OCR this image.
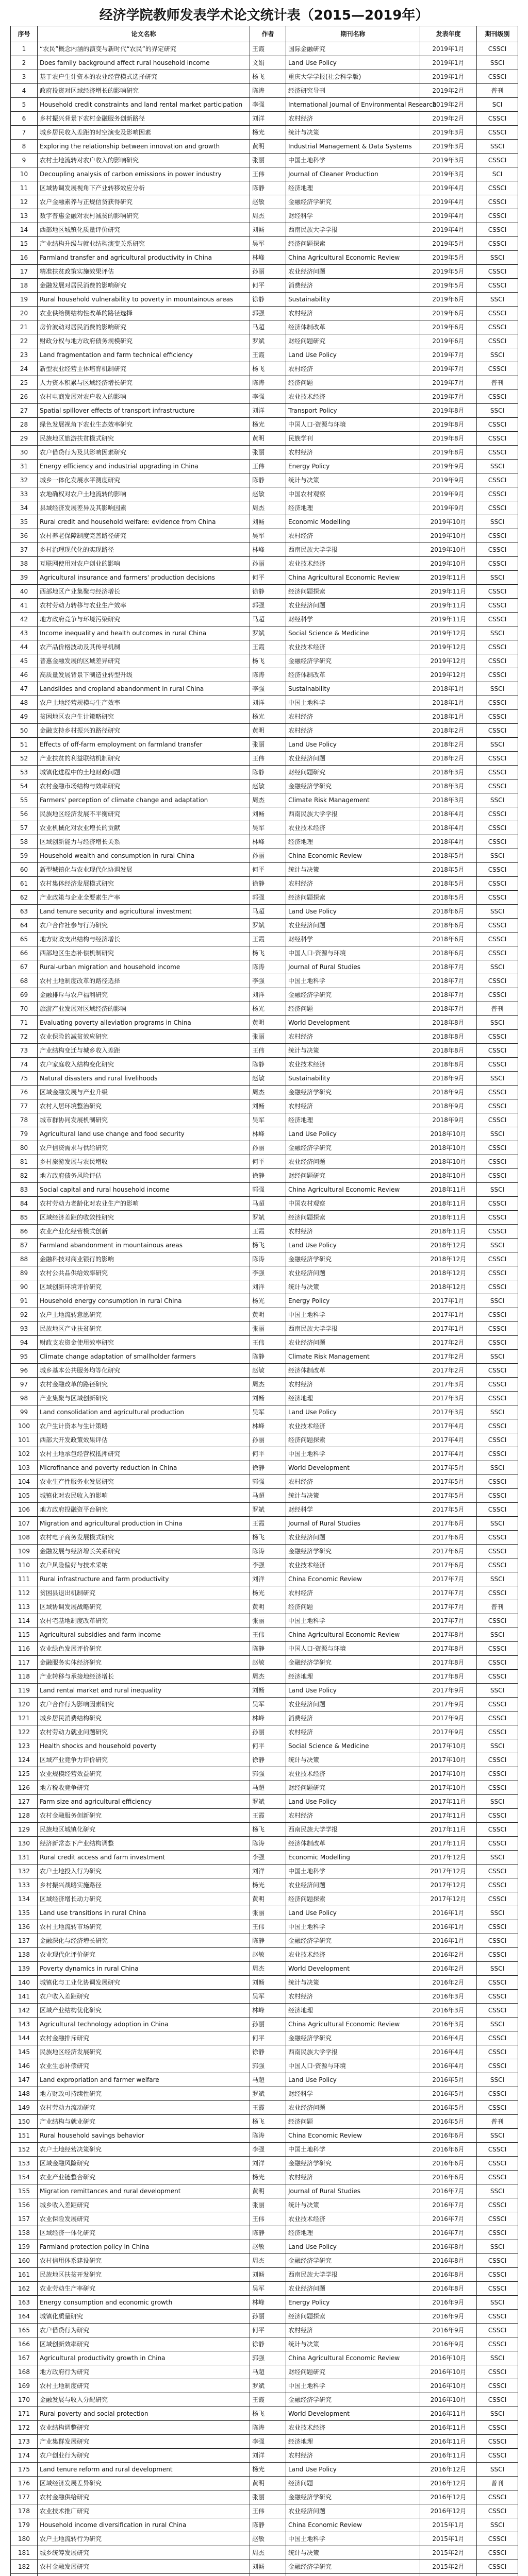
经济学院教师发表学术论文统计表（2015—2019年）
序号	论文名称	作者	期刊名称	发表年度	期刊级别
1	“农民”概念内涵的演变与新时代“农民”的界定研究	王霞	国际金融研究	2019年1月	CSSCI
2	Does family background affect rural household income	文娟	Land Use Policy	2019年1月	SSCI
3	基于农户生计资本的农业经营模式选择研究	杨飞	重庆大学学报(社会科学版)	2019年1月	CSSCI
4	政府投资对区域经济增长的影响研究	陈涛	经济研究导刊	2019年2月	普刊
5	Household credit constraints and land rental market participation	李强	International Journal of Environmental Research	2019年2月	SCI
6	乡村振兴背景下农村金融服务创新路径	刘洋	农村经济	2019年2月	CSSCI
7	城乡居民收入差距的时空演变及影响因素	杨光	统计与决策	2019年3月	CSSCI
8	Exploring the relationship between innovation and growth	黄明	Industrial Management & Data Systems	2019年3月	SSCI
9	农村土地流转对农户收入的影响研究	张丽	中国土地科学	2019年3月	CSSCI
10	Decoupling analysis of carbon emissions in power industry	王伟	Journal of Cleaner Production	2019年3月	SCI
11	区域协调发展视角下产业转移效应分析	陈静	经济地理	2019年4月	CSSCI
12	农户金融素养与正规信贷获得研究	赵敏	金融经济学研究	2019年4月	CSSCI
13	数字普惠金融对农村减贫的影响研究	周杰	财经科学	2019年4月	CSSCI
14	西部地区城镇化质量评价研究	刘畅	西南民族大学学报	2019年4月	CSSCI
15	产业结构升级与就业结构演变关系研究	吴军	经济问题探索	2019年5月	CSSCI
16	Farmland transfer and agricultural productivity in China	林峰	China Agricultural Economic Review	2019年5月	SSCI
17	精准扶贫政策实施效果评估	孙丽	农业经济问题	2019年5月	CSSCI
18	金融发展对居民消费的影响研究	何平	消费经济	2019年5月	CSSCI
19	Rural household vulnerability to poverty in mountainous areas	徐静	Sustainability	2019年6月	SSCI
20	农业供给侧结构性改革的路径选择	郭强	农村经济	2019年6月	CSSCI
21	房价波动对居民消费的影响研究	马超	经济体制改革	2019年6月	CSSCI
22	财政分权与地方政府债务规模研究	罗斌	财经问题研究	2019年6月	CSSCI
23	Land fragmentation and farm technical efficiency	王霞	Land Use Policy	2019年7月	SSCI
24	新型农业经营主体培育机制研究	杨飞	农村经济	2019年7月	CSSCI
25	人力资本积累与区域经济增长研究	陈涛	经济问题	2019年7月	普刊
26	农村电商发展对农户收入的影响	李强	农业技术经济	2019年7月	CSSCI
27	Spatial spillover effects of transport infrastructure	刘洋	Transport Policy	2019年8月	SSCI
28	绿色发展视角下农业生态效率研究	杨光	中国人口·资源与环境	2019年8月	CSSCI
29	民族地区旅游扶贫模式研究	黄明	民族学刊	2019年8月	CSSCI
30	农户借贷行为及其影响因素研究	张丽	农村经济	2019年8月	CSSCI
31	Energy efficiency and industrial upgrading in China	王伟	Energy Policy	2019年9月	SSCI
32	城乡一体化发展水平测度研究	陈静	统计与决策	2019年9月	CSSCI
33	农地确权对农户土地流转的影响	赵敏	中国农村观察	2019年9月	CSSCI
34	县域经济发展差异及其影响因素	周杰	经济地理	2019年9月	CSSCI
35	Rural credit and household welfare: evidence from China	刘畅	Economic Modelling	2019年10月	SSCI
36	农村养老保障制度完善路径研究	吴军	农村经济	2019年10月	CSSCI
37	乡村治理现代化的实现路径	林峰	西南民族大学学报	2019年10月	CSSCI
38	互联网使用对农户创业的影响	孙丽	农业技术经济	2019年10月	CSSCI
39	Agricultural insurance and farmers' production decisions	何平	China Agricultural Economic Review	2019年11月	SSCI
40	西部地区产业集聚与经济增长	徐静	经济问题探索	2019年11月	CSSCI
41	农村劳动力转移与农业生产效率	郭强	农业经济问题	2019年11月	CSSCI
42	地方政府竞争与环境污染研究	马超	财经科学	2019年11月	CSSCI
43	Income inequality and health outcomes in rural China	罗斌	Social Science & Medicine	2019年12月	SSCI
44	农产品价格波动及其传导机制	王霞	农业技术经济	2019年12月	CSSCI
45	普惠金融发展的区域差异研究	杨飞	金融经济学研究	2019年12月	CSSCI
46	高质量发展背景下制造业转型升级	陈涛	经济体制改革	2019年12月	CSSCI
47	Landslides and cropland abandonment in rural China	李强	Sustainability	2018年1月	SSCI
48	农户土地经营规模与生产效率	刘洋	中国土地科学	2018年1月	CSSCI
49	贫困地区农户生计策略研究	杨光	农村经济	2018年1月	CSSCI
50	金融支持乡村振兴的路径研究	黄明	农村经济	2018年2月	CSSCI
51	Effects of off-farm employment on farmland transfer	张丽	Land Use Policy	2018年2月	SSCI
52	产业扶贫的利益联结机制研究	王伟	农业经济问题	2018年2月	CSSCI
53	城镇化进程中的土地财政问题	陈静	财经问题研究	2018年3月	CSSCI
54	农村金融市场结构与效率研究	赵敏	金融经济学研究	2018年3月	CSSCI
55	Farmers' perception of climate change and adaptation	周杰	Climate Risk Management	2018年3月	SSCI
56	民族地区经济发展不平衡研究	刘畅	西南民族大学学报	2018年4月	CSSCI
57	农业机械化对农业增长的贡献	吴军	农业技术经济	2018年4月	CSSCI
58	区域创新能力与经济增长关系	林峰	经济地理	2018年4月	CSSCI
59	Household wealth and consumption in rural China	孙丽	China Economic Review	2018年5月	SSCI
60	新型城镇化与农业现代化协调发展	何平	统计与决策	2018年5月	CSSCI
61	农村集体经济发展模式研究	徐静	农村经济	2018年5月	CSSCI
62	产业政策与企业全要素生产率	郭强	经济问题探索	2018年5月	CSSCI
63	Land tenure security and agricultural investment	马超	Land Use Policy	2018年6月	SSCI
64	农户合作社参与行为研究	罗斌	农业经济问题	2018年6月	CSSCI
65	地方财政支出结构与经济增长	王霞	财经科学	2018年6月	CSSCI
66	西部地区生态补偿机制研究	杨飞	中国人口·资源与环境	2018年6月	CSSCI
67	Rural-urban migration and household income	陈涛	Journal of Rural Studies	2018年7月	SSCI
68	农村土地制度改革的路径选择	李强	中国土地科学	2018年7月	CSSCI
69	金融排斥与农户福利研究	刘洋	金融经济学研究	2018年7月	CSSCI
70	旅游产业发展对区域经济的影响	杨光	经济问题	2018年7月	普刊
71	Evaluating poverty alleviation programs in China	黄明	World Development	2018年8月	SSCI
72	农业保险的减贫效应研究	张丽	农村经济	2018年8月	CSSCI
73	产业结构变迁与城乡收入差距	王伟	统计与决策	2018年8月	CSSCI
74	农户家庭收入结构变化研究	陈静	农业技术经济	2018年8月	CSSCI
75	Natural disasters and rural livelihoods	赵敏	Sustainability	2018年9月	SSCI
76	区域金融发展与产业升级	周杰	金融经济学研究	2018年9月	CSSCI
77	农村人居环境整治研究	刘畅	农村经济	2018年9月	CSSCI
78	城市群协同发展机制研究	吴军	经济地理	2018年9月	CSSCI
79	Agricultural land use change and food security	林峰	Land Use Policy	2018年10月	SSCI
80	农户信贷需求与供给研究	孙丽	金融经济学研究	2018年10月	CSSCI
81	乡村旅游发展与农民增收	何平	农业经济问题	2018年10月	CSSCI
82	地方政府债务风险评估	徐静	财经问题研究	2018年10月	CSSCI
83	Social capital and rural household income	郭强	China Agricultural Economic Review	2018年11月	SSCI
84	农村劳动力老龄化对农业生产的影响	马超	中国农村观察	2018年11月	CSSCI
85	区域经济差距的收敛性研究	罗斌	经济问题探索	2018年11月	CSSCI
86	农业产业化经营模式创新	王霞	农村经济	2018年11月	CSSCI
87	Farmland abandonment in mountainous areas	杨飞	Land Use Policy	2018年12月	SSCI
88	金融科技对商业银行的影响	陈涛	金融经济学研究	2018年12月	CSSCI
89	农村公共品供给效率研究	李强	农业经济问题	2018年12月	CSSCI
90	区域创新环境评价研究	刘洋	统计与决策	2018年12月	CSSCI
91	Household energy consumption in rural China	杨光	Energy Policy	2017年1月	SSCI
92	农户土地流转意愿研究	黄明	中国土地科学	2017年1月	CSSCI
93	民族地区产业扶贫研究	张丽	西南民族大学学报	2017年1月	CSSCI
94	财政支农资金使用效率研究	王伟	农业经济问题	2017年2月	CSSCI
95	Climate change adaptation of smallholder farmers	陈静	Climate Risk Management	2017年2月	SSCI
96	城乡基本公共服务均等化研究	赵敏	经济体制改革	2017年2月	CSSCI
97	农村金融改革的路径研究	周杰	农村经济	2017年3月	CSSCI
98	产业集聚与区域创新研究	刘畅	经济地理	2017年3月	CSSCI
99	Land consolidation and agricultural production	吴军	Land Use Policy	2017年3月	SSCI
100	农户生计资本与生计策略	林峰	农业技术经济	2017年4月	CSSCI
101	西部大开发政策效果评估	孙丽	经济问题探索	2017年4月	CSSCI
102	农村土地承包经营权抵押研究	何平	中国土地科学	2017年4月	CSSCI
103	Microfinance and poverty reduction in China	徐静	World Development	2017年5月	SSCI
104	农业生产性服务业发展研究	郭强	农村经济	2017年5月	CSSCI
105	城镇化对农民收入的影响	马超	统计与决策	2017年5月	CSSCI
106	地方政府投融资平台研究	罗斌	财经科学	2017年5月	CSSCI
107	Migration and agricultural production in China	王霞	Journal of Rural Studies	2017年6月	SSCI
108	农村电子商务发展模式研究	杨飞	农业经济问题	2017年6月	CSSCI
109	金融发展与经济增长关系研究	陈涛	金融经济学研究	2017年6月	CSSCI
110	农户风险偏好与技术采纳	李强	农业技术经济	2017年6月	CSSCI
111	Rural infrastructure and farm productivity	刘洋	China Economic Review	2017年7月	SSCI
112	贫困县退出机制研究	杨光	农村经济	2017年7月	CSSCI
113	区域协调发展战略研究	黄明	经济问题	2017年7月	普刊
114	农村宅基地制度改革研究	张丽	中国土地科学	2017年7月	CSSCI
115	Agricultural subsidies and farm income	王伟	China Agricultural Economic Review	2017年8月	SSCI
116	农业绿色发展评价研究	陈静	中国人口·资源与环境	2017年8月	CSSCI
117	金融服务实体经济研究	赵敏	金融经济学研究	2017年8月	CSSCI
118	产业转移与承接地经济增长	周杰	经济地理	2017年8月	CSSCI
119	Land rental market and rural inequality	刘畅	Land Use Policy	2017年9月	SSCI
120	农户合作行为影响因素研究	吴军	农业经济问题	2017年9月	CSSCI
121	城乡居民消费结构研究	林峰	消费经济	2017年9月	CSSCI
122	农村劳动力就业问题研究	孙丽	农村经济	2017年9月	CSSCI
123	Health shocks and household poverty	何平	Social Science & Medicine	2017年10月	SSCI
124	区域产业竞争力评价研究	徐静	统计与决策	2017年10月	CSSCI
125	农业规模经营效益研究	郭强	农业技术经济	2017年10月	CSSCI
126	地方税收竞争研究	马超	财经问题研究	2017年10月	CSSCI
127	Farm size and agricultural efficiency	罗斌	Land Use Policy	2017年11月	SSCI
128	农村金融服务创新研究	王霞	农村经济	2017年11月	CSSCI
129	民族地区城镇化研究	杨飞	西南民族大学学报	2017年11月	CSSCI
130	经济新常态下产业结构调整	陈涛	经济体制改革	2017年11月	CSSCI
131	Rural credit access and farm investment	李强	Economic Modelling	2017年12月	SSCI
132	农户土地投入行为研究	刘洋	中国土地科学	2017年12月	CSSCI
133	乡村振兴战略实施路径	杨光	农业经济问题	2017年12月	CSSCI
134	区域经济增长动力研究	黄明	经济问题探索	2017年12月	CSSCI
135	Land use transitions in rural China	张丽	Land Use Policy	2016年1月	SSCI
136	农村土地流转市场研究	王伟	中国土地科学	2016年1月	CSSCI
137	金融深化与经济增长研究	陈静	金融经济学研究	2016年1月	CSSCI
138	农业现代化评价研究	赵敏	农业技术经济	2016年2月	CSSCI
139	Poverty dynamics in rural China	周杰	World Development	2016年2月	SSCI
140	城镇化与工业化协调发展研究	刘畅	统计与决策	2016年2月	CSSCI
141	农户收入差距研究	吴军	农村经济	2016年3月	CSSCI
142	区域产业结构优化研究	林峰	经济地理	2016年3月	CSSCI
143	Agricultural technology adoption in China	孙丽	China Agricultural Economic Review	2016年3月	SSCI
144	农村金融排斥研究	何平	金融经济学研究	2016年4月	CSSCI
145	民族地区经济发展研究	徐静	西南民族大学学报	2016年4月	CSSCI
146	农业生态补偿研究	郭强	中国人口·资源与环境	2016年4月	CSSCI
147	Land expropriation and farmer welfare	马超	Land Use Policy	2016年5月	SSCI
148	地方财政可持续性研究	罗斌	财经科学	2016年5月	CSSCI
149	农村劳动力流动研究	王霞	农业经济问题	2016年5月	CSSCI
150	产业结构与就业研究	杨飞	经济问题	2016年5月	普刊
151	Rural household savings behavior	陈涛	China Economic Review	2016年6月	SSCI
152	农户土地经营决策研究	李强	中国土地科学	2016年6月	CSSCI
153	区域金融风险研究	刘洋	金融经济学研究	2016年6月	CSSCI
154	农业产业链整合研究	杨光	农村经济	2016年6月	CSSCI
155	Migration remittances and rural development	黄明	Journal of Rural Studies	2016年7月	SSCI
156	城乡收入差距研究	张丽	统计与决策	2016年7月	CSSCI
157	农业保险发展研究	王伟	农业技术经济	2016年7月	CSSCI
158	区域经济一体化研究	陈静	经济地理	2016年7月	CSSCI
159	Farmland protection policy in China	赵敏	Land Use Policy	2016年8月	SSCI
160	农村信用体系建设研究	周杰	金融经济学研究	2016年8月	CSSCI
161	民族地区扶贫开发研究	刘畅	西南民族大学学报	2016年8月	CSSCI
162	农业劳动生产率研究	吴军	农业经济问题	2016年8月	CSSCI
163	Energy consumption and economic growth	林峰	Energy Policy	2016年9月	SSCI
164	城镇化质量研究	孙丽	经济问题探索	2016年9月	CSSCI
165	农户借贷行为研究	何平	农村经济	2016年9月	CSSCI
166	区域创新效率研究	徐静	统计与决策	2016年9月	CSSCI
167	Agricultural productivity growth in China	郭强	China Agricultural Economic Review	2016年10月	SSCI
168	地方政府行为研究	马超	财经问题研究	2016年10月	CSSCI
169	农村土地制度研究	罗斌	中国土地科学	2016年10月	CSSCI
170	金融发展与收入分配研究	王霞	金融经济学研究	2016年10月	CSSCI
171	Rural poverty and social protection	杨飞	World Development	2016年11月	SSCI
172	农业结构调整研究	陈涛	农业技术经济	2016年11月	CSSCI
173	产业集群发展研究	李强	经济地理	2016年11月	CSSCI
174	农户创业行为研究	刘洋	农村经济	2016年11月	CSSCI
175	Land tenure reform and rural development	杨光	Land Use Policy	2016年12月	SSCI
176	区域经济发展差异研究	黄明	经济问题	2016年12月	普刊
177	农村金融供给研究	张丽	金融经济学研究	2016年12月	CSSCI
178	农业技术推广研究	王伟	农业经济问题	2016年12月	CSSCI
179	Household income diversification in rural China	陈静	China Economic Review	2015年1月	SSCI
180	农户土地流转行为研究	赵敏	中国土地科学	2015年1月	CSSCI
181	城乡统筹发展研究	周杰	统计与决策	2015年2月	CSSCI
182	农村金融发展研究	刘畅	金融经济学研究	2015年2月	CSSCI
